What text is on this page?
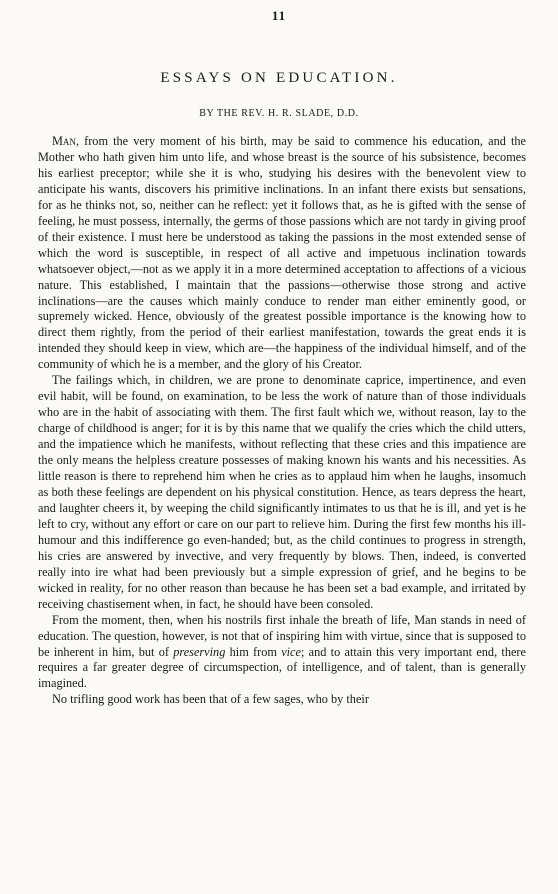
11
ESSAYS ON EDUCATION.
BY THE REV. H. R. SLADE, D.D.

Man, from the very moment of his birth, may be said to commence his education, and the Mother who hath given him unto life, and whose breast is the source of his subsistence, becomes his earliest preceptor; while she it is who, studying his desires with the benevolent view to anticipate his wants, discovers his primitive inclinations. In an infant there exists but sensations, for as he thinks not, so, neither can he reflect: yet it follows that, as he is gifted with the sense of feeling, he must possess, internally, the germs of those passions which are not tardy in giving proof of their existence. I must here be understood as taking the passions in the most extended sense of which the word is susceptible, in respect of all active and impetuous inclination towards whatsoever object,—not as we apply it in a more determined acceptation to affections of a vicious nature. This established, I maintain that the passions—otherwise those strong and active inclinations—are the causes which mainly conduce to render man either eminently good, or supremely wicked. Hence, obviously of the greatest possible importance is the knowing how to direct them rightly, from the period of their earliest manifestation, towards the great ends it is intended they should keep in view, which are—the happiness of the individual himself, and of the community of which he is a member, and the glory of his Creator.

The failings which, in children, we are prone to denominate caprice, impertinence, and even evil habit, will be found, on examination, to be less the work of nature than of those individuals who are in the habit of associating with them. The first fault which we, without reason, lay to the charge of childhood is anger; for it is by this name that we qualify the cries which the child utters, and the impatience which he manifests, without reflecting that these cries and this impatience are the only means the helpless creature possesses of making known his wants and his necessities. As little reason is there to reprehend him when he cries as to applaud him when he laughs, insomuch as both these feelings are dependent on his physical constitution. Hence, as tears depress the heart, and laughter cheers it, by weeping the child significantly intimates to us that he is ill, and yet is he left to cry, without any effort or care on our part to relieve him. During the first few months his ill-humour and this indifference go even-handed; but, as the child continues to progress in strength, his cries are answered by invective, and very frequently by blows. Then, indeed, is converted really into ire what had been previously but a simple expression of grief, and he begins to be wicked in reality, for no other reason than because he has been set a bad example, and irritated by receiving chastisement when, in fact, he should have been consoled.

From the moment, then, when his nostrils first inhale the breath of life, Man stands in need of education. The question, however, is not that of inspiring him with virtue, since that is supposed to be inherent in him, but of preserving him from vice; and to attain this very important end, there requires a far greater degree of circumspection, of intelligence, and of talent, than is generally imagined.

No trifling good work has been that of a few sages, who by their
